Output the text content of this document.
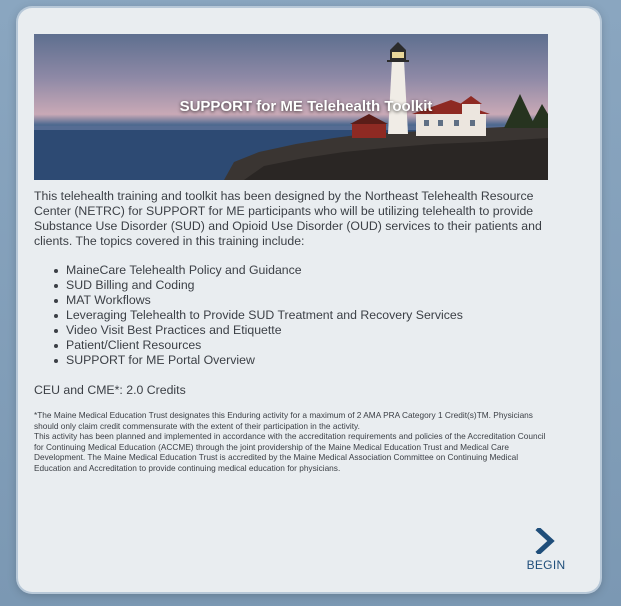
SUPPORT for ME Telehealth Toolkit

This telehealth training and toolkit has been designed by the Northeast Telehealth Resource Center (NETRC) for SUPPORT for ME participants who will be utilizing telehealth to provide Substance Use Disorder (SUD) and Opioid Use Disorder (OUD) services to their patients and clients. The topics covered in this training include:

MaineCare Telehealth Policy and Guidance
SUD Billing and Coding
MAT Workflows
Leveraging Telehealth to Provide SUD Treatment and Recovery Services
Video Visit Best Practices and Etiquette
Patient/Client Resources
SUPPORT for ME Portal Overview

CEU and CME*: 2.0 Credits

*The Maine Medical Education Trust designates this Enduring activity for a maximum of 2 AMA PRA Category 1 Credit(s)TM. Physicians should only claim credit commensurate with the extent of their participation in the activity.

This activity has been planned and implemented in accordance with the accreditation requirements and policies of the Accreditation Council for Continuing Medical Education (ACCME) through the joint providership of the Maine Medical Education Trust and Medical Care Development. The Maine Medical Education Trust is accredited by the Maine Medical Association Committee on Continuing Medical Education and Accreditation to provide continuing medical education for physicians.

BEGIN
